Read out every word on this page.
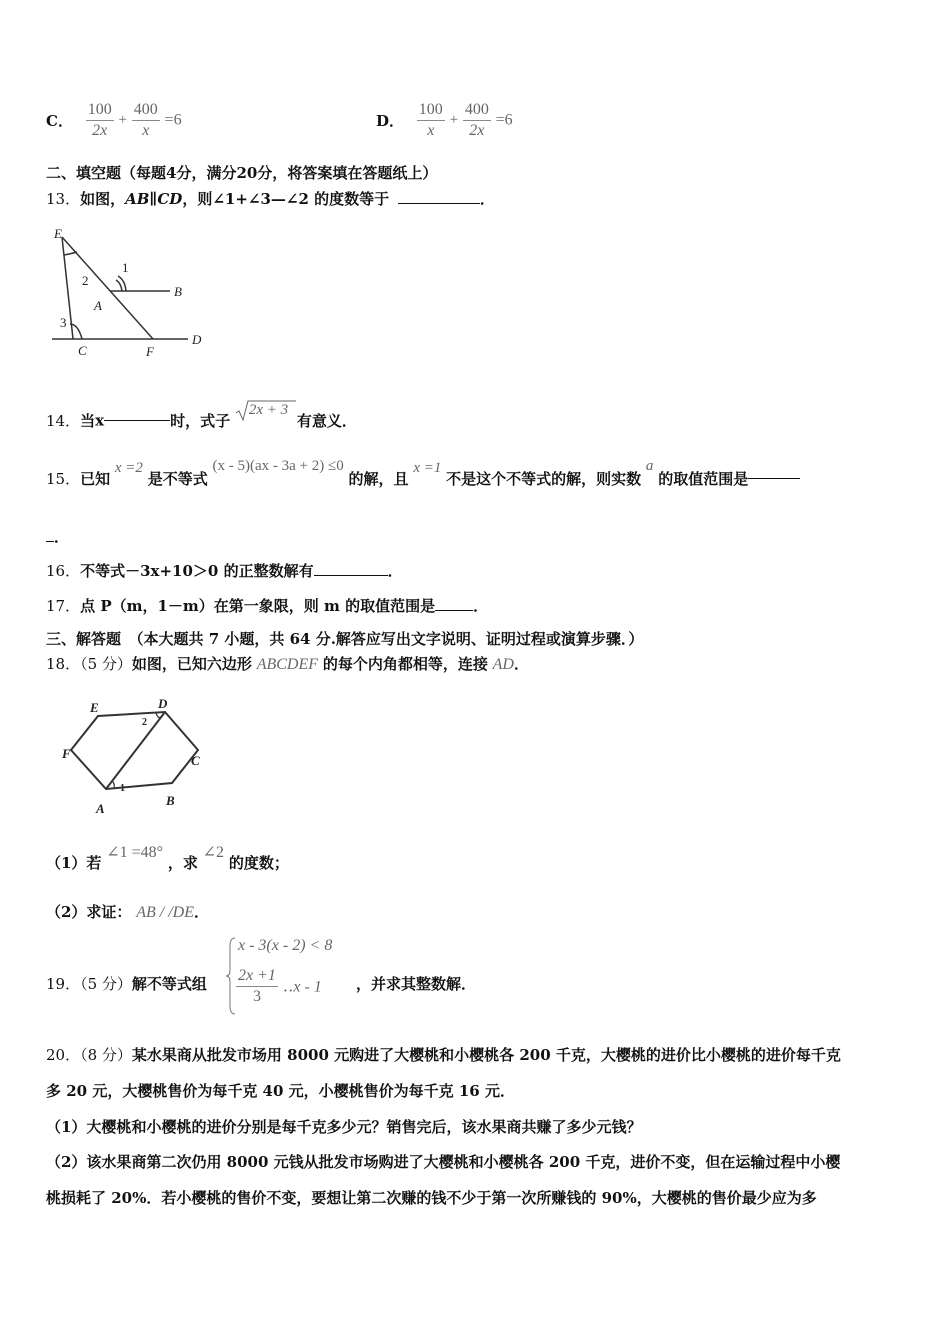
C． $\frac{100}{2x} + \frac{400}{x} =6$	D． $\frac{100}{x} + \frac{400}{2x} =6$
二、填空题（每题4分，满分20分，将答案填在答题纸上）
13．如图，AB∥CD，则∠1+∠3—∠2 的度数等于	．
E
1
2
A
B
3
C	F
D
14．当x	时，式子
2x + 3
有意义．
15．已知 x =2 是不等式 (x - 5)(ax - 3a + 2) ≤0 的解，且 x =1 不是这个不等式的解，则实数 a 的取值范围是
．
16．不等式－3x+10＞0 的正整数解有	．
17．点 P（m，1－m）在第一象限，则 m 的取值范围是	．
三、解答题　（本大题共 7 小题，共 64 分.解答应写出文字说明、证明过程或演算步骤．）
18．（5 分）如图，已知六边形 ABCDEF 的每个内角都相等，连接 AD．
E	D
2
F	C
1
A
B
（1）若 ∠1 =48° ，求 ∠2 的度数；
（2）求证： AB / /DE．
19．（5 分）解不等式组
x - 3(x - 2) < 8
$\frac{2x +1}{3}$ ‥x - 1 ，并求其整数解．
20．（8 分）某水果商从批发市场用 8000 元购进了大樱桃和小樱桃各 200 千克，大樱桃的进价比小樱桃的进价每千克
多 20 元，大樱桃售价为每千克 40 元，小樱桃售价为每千克 16 元．
（1）大樱桃和小樱桃的进价分别是每千克多少元？销售完后，该水果商共赚了多少元钱？
（2）该水果商第二次仍用 8000 元钱从批发市场购进了大樱桃和小樱桃各 200 千克，进价不变，但在运输过程中小樱
桃损耗了 20%．若小樱桃的售价不变，要想让第二次赚的钱不少于第一次所赚钱的 90%，大樱桃的售价最少应为多
